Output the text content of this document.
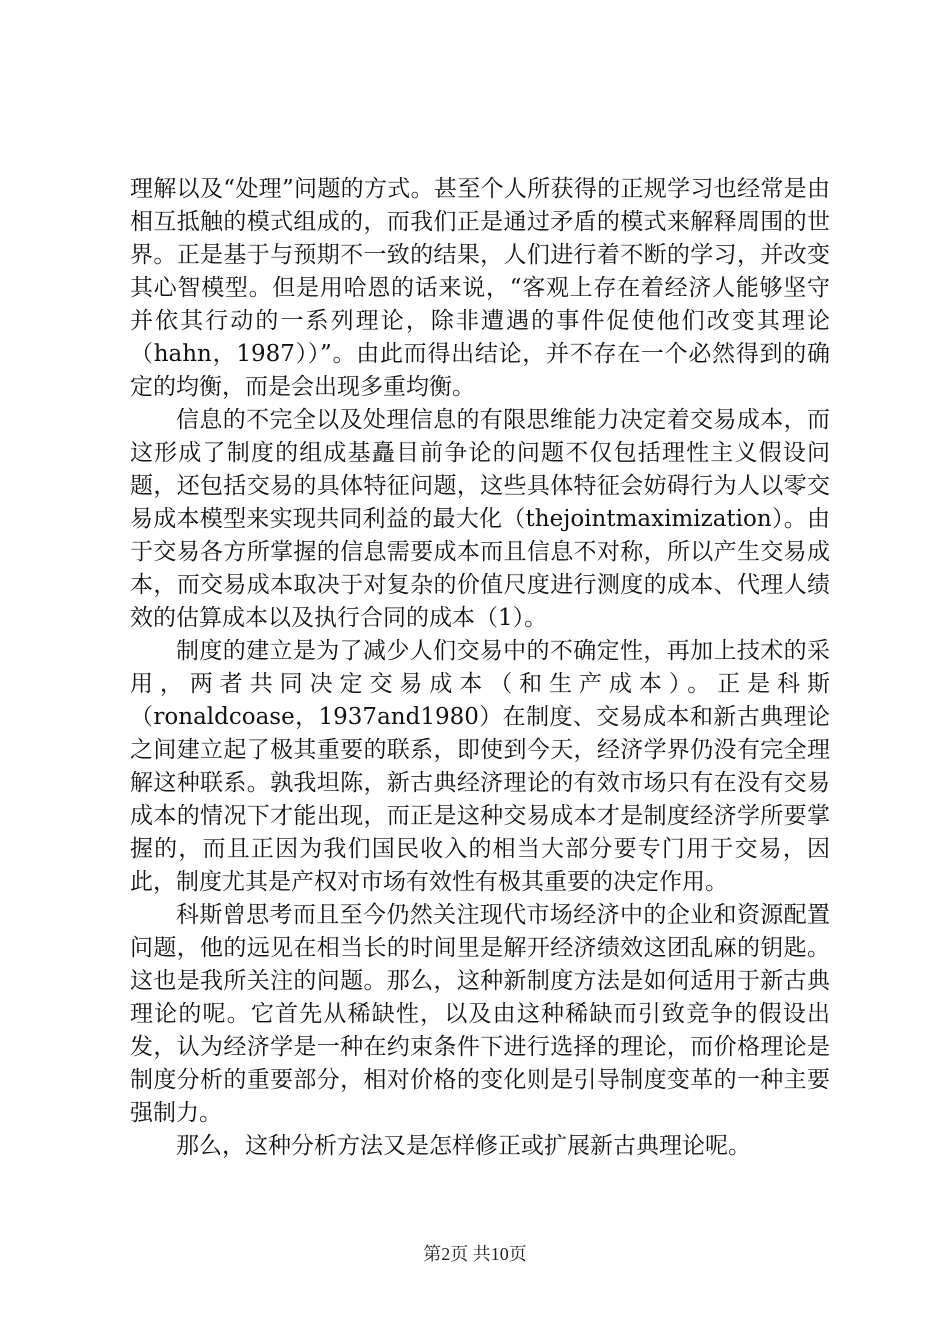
理解以及“处理”问题的方式。甚至个人所获得的正规学习也经常是由相互抵触的模式组成的，而我们正是通过矛盾的模式来解释周围的世界。正是基于与预期不一致的结果，人们进行着不断的学习，并改变其心智模型。但是用哈恩的话来说，“客观上存在着经济人能够坚守并依其行动的一系列理论，除非遭遇的事件促使他们改变其理论（hahn，1987））”。由此而得出结论，并不存在一个必然得到的确定的均衡，而是会出现多重均衡。

信息的不完全以及处理信息的有限思维能力决定着交易成本，而这形成了制度的组成基矗目前争论的问题不仅包括理性主义假设问题，还包括交易的具体特征问题，这些具体特征会妨碍行为人以零交易成本模型来实现共同利益的最大化（thejointmaximization）。由于交易各方所掌握的信息需要成本而且信息不对称，所以产生交易成本，而交易成本取决于对复杂的价值尺度进行测度的成本、代理人绩效的估算成本以及执行合同的成本（1）。

制度的建立是为了减少人们交易中的不确定性，再加上技术的采用，两者共同决定交易成本（和生产成本）。正是科斯（ronaldcoase，1937and1980）在制度、交易成本和新古典理论之间建立起了极其重要的联系，即使到今天，经济学界仍没有完全理解这种联系。孰我坦陈，新古典经济理论的有效市场只有在没有交易成本的情况下才能出现，而正是这种交易成本才是制度经济学所要掌握的，而且正因为我们国民收入的相当大部分要专门用于交易，因此，制度尤其是产权对市场有效性有极其重要的决定作用。

科斯曾思考而且至今仍然关注现代市场经济中的企业和资源配置问题，他的远见在相当长的时间里是解开经济绩效这团乱麻的钥匙。这也是我所关注的问题。那么，这种新制度方法是如何适用于新古典理论的呢。它首先从稀缺性，以及由这种稀缺而引致竞争的假设出发，认为经济学是一种在约束条件下进行选择的理论，而价格理论是制度分析的重要部分，相对价格的变化则是引导制度变革的一种主要强制力。

那么，这种分析方法又是怎样修正或扩展新古典理论呢。

第2页 共10页
